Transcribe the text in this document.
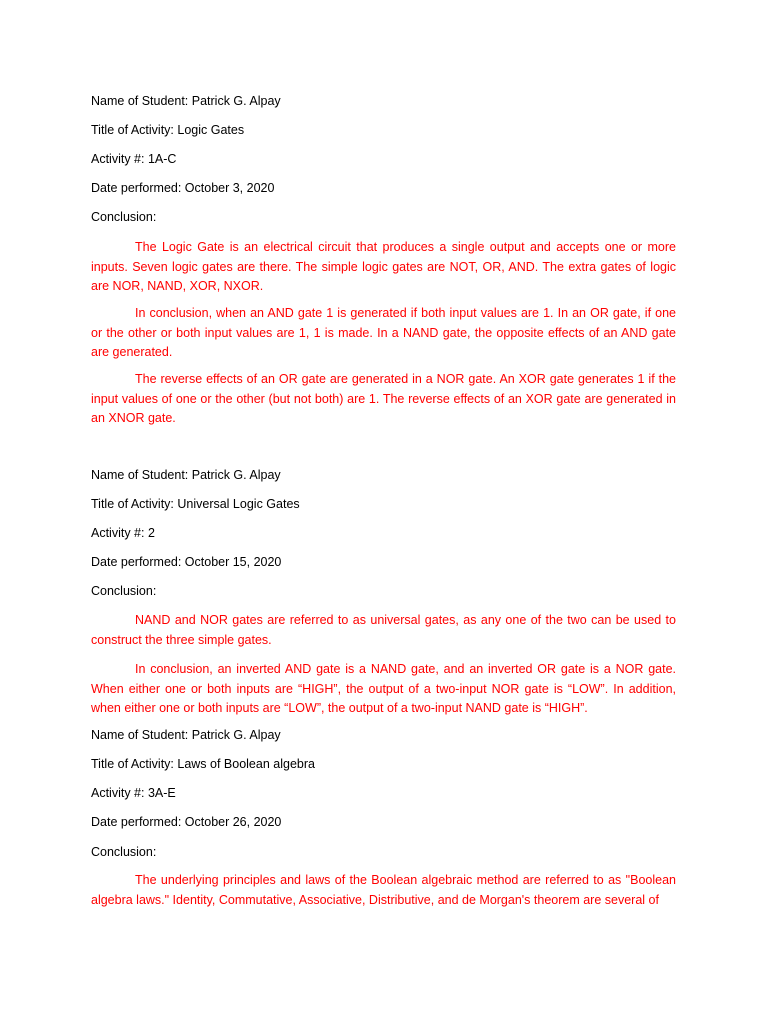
Name of Student: Patrick G. Alpay
Title of Activity: Logic Gates
Activity #: 1A-C
Date performed: October 3, 2020
Conclusion:

The Logic Gate is an electrical circuit that produces a single output and accepts one or more inputs. Seven logic gates are there. The simple logic gates are NOT, OR, AND. The extra gates of logic are NOR, NAND, XOR, NXOR.

In conclusion, when an AND gate 1 is generated if both input values are 1. In an OR gate, if one or the other or both input values are 1, 1 is made. In a NAND gate, the opposite effects of an AND gate are generated.

The reverse effects of an OR gate are generated in a NOR gate. An XOR gate generates 1 if the input values of one or the other (but not both) are 1. The reverse effects of an XOR gate are generated in an XNOR gate.

Name of Student: Patrick G. Alpay
Title of Activity: Universal Logic Gates
Activity #: 2
Date performed: October 15, 2020
Conclusion:

NAND and NOR gates are referred to as universal gates, as any one of the two can be used to construct the three simple gates.

In conclusion, an inverted AND gate is a NAND gate, and an inverted OR gate is a NOR gate. When either one or both inputs are “HIGH”, the output of a two-input NOR gate is “LOW”. In addition, when either one or both inputs are “LOW”, the output of a two-input NAND gate is “HIGH”.

Name of Student: Patrick G. Alpay
Title of Activity: Laws of Boolean algebra
Activity #: 3A-E
Date performed: October 26, 2020
Conclusion:

The underlying principles and laws of the Boolean algebraic method are referred to as "Boolean algebra laws." Identity, Commutative, Associative, Distributive, and de Morgan's theorem are several of
